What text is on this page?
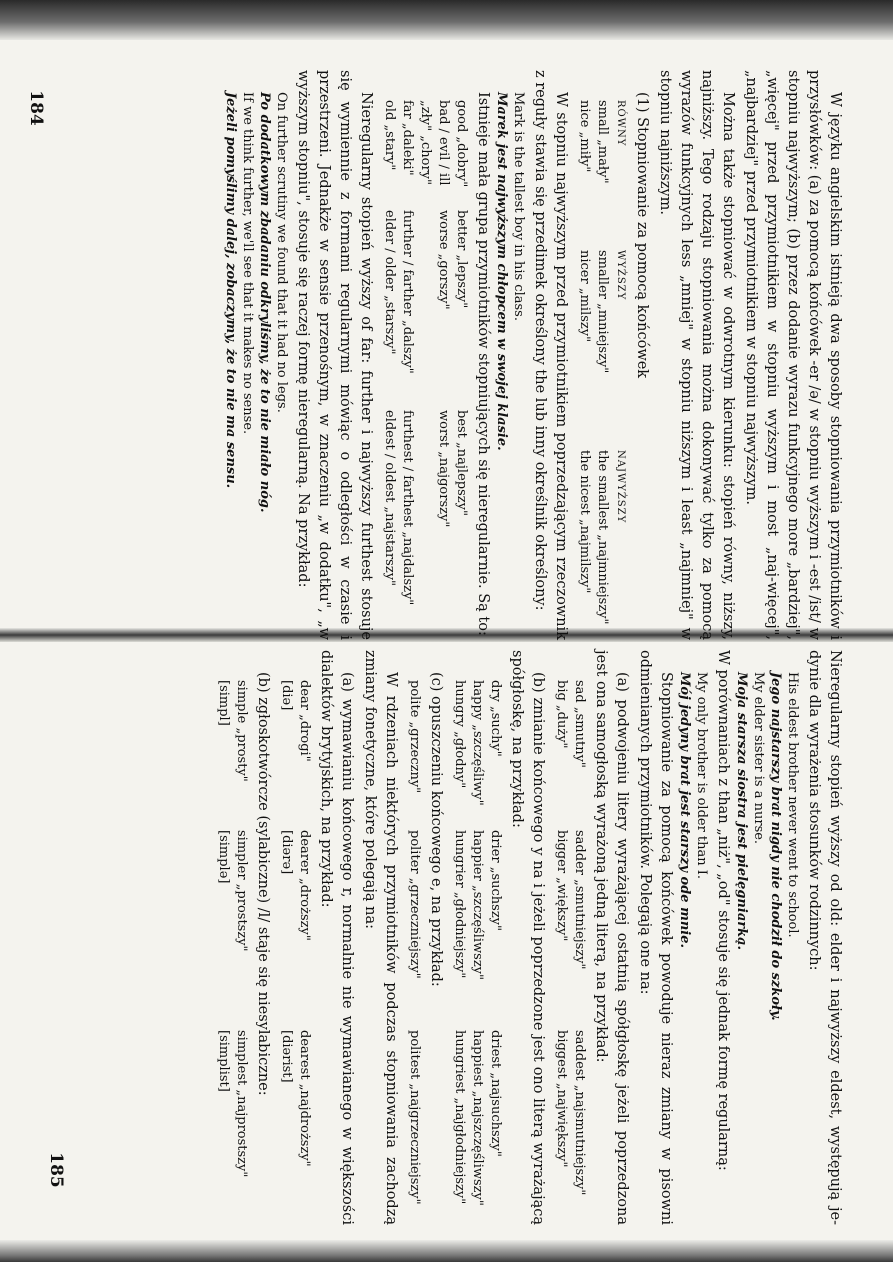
184
185

W języku angielskim istnieją dwa sposoby stopniowania przymiotników i przysłówków: (a) za pomocą końcówek -er /ǝ/ w stopniu wyższym i -est /ist/ w stopniu najwyższym; (b) przez dodanie wyrazu funkcyjnego more „bardziej", „więcej" przed przymiotnikiem w stopniu wyższym i most „naj-więcej", „najbardziej" przed przymiotnikiem w stopniu najwyższym.

Można także stopniować w odwrotnym kierunku: stopień równy, niższy, najniższy. Tego rodzaju stopniowania można dokonywać tylko za pomocą wyrazów funkcyjnych less „mniej" w stopniu niższym i least „najmniej" w stopniu najniższym.

(1) Stopniowanie za pomocą końcówek

RÓWNY
WYŻSZY
NAJWYŻSZY
small „mały"
smaller „mniejszy"
the smallest „najmniejszy"
nice „miły"
nicer „milszy"
the nicest „najmilszy"

W stopniu najwyższym przed przymiotnikiem poprzedzającym rzeczownik z reguły stawia się przedimek określony the lub inny określnik określony:

Mark is the tallest boy in his class.
Marek jest najwyższym chłopcem w swojej klasie.

Istnieje mała grupa przymiotników stopniujących się nieregularnie. Są to:

good „dobry"
better „lepszy"
best „najlepszy"
bad / evil / ill „zły" „chory"
worse „gorszy"
worst „najgorszy"
far „daleki"
further / farther „dalszy"
furthest / farthest „najdalszy"
old „stary"
elder / older „starszy"
eldest / oldest „najstarszy"

Nieregularny stopień wyższy of far: further i najwyższy furthest stosuje się wymiennie z formami regularnymi mówiąc o odległości w czasie i przestrzeni. Jednakże w sensie przenośnym, w znaczeniu „w dodatku", „w wyższym stopniu", stosuje się raczej formę nieregularną. Na przykład:

On further scrutiny we found that it had no legs.
Po dodatkowym zbadaniu odkryliśmy, że to nie miało nóg.
If we think further, we'll see that it makes no sense.
Jeżeli pomyślimy dalej, zobaczymy, że to nie ma sensu.

Nieregularny stopień wyższy od old: elder i najwyższy eldest, występują je-dynie dla wyrażenia stosunków rodzinnych:

His eldest brother never went to school.
Jego najstarszy brat nigdy nie chodził do szkoły.
My elder sister is a nurse.
Moja starsza siostra jest pielęgniarką.

W porównaniach z than „niż", „od" stosuje się jednak formę regularną:

My only brother is older than I.
Mój jedyny brat jest starszy ode mnie.

Stopniowanie za pomocą końcówek powoduje nieraz zmiany w pisowni odmienianych przymiotników. Polegają one na:

(a) podwojeniu litery wyrażającej ostatnią spółgłoskę jeżeli poprzedzona jest ona samogłoską wyrażoną jedną literą, na przykład:

sad „smutny"
sadder „smutniejszy"
saddest „najsmutniejszy"
big „duży"
bigger „większy"
biggest „największy"

(b) zmianie końcowego y na i jeżeli poprzedzone jest ono literą wyrażającą spółgłoskę, na przykład:

dry „suchy"
drier „suchszy"
driest „najsuchszy"
happy „szczęśliwy"
happier „szczęśliwszy"
happiest „najszczęśliwszy"
hungry „głodny"
hungrier „głodniejszy"
hungriest „najgłodniejszy"

(c) opuszczeniu końcowego e, na przykład:

polite „grzeczny"
politer „grzeczniejszy"
politest „najgrzeczniejszy"

W rdzeniach niektórych przymiotników podczas stopniowania zachodzą zmiany fonetyczne, które polegają na:

(a) wymawianiu końcowego r, normalnie nie wymawianego w większości dialektów brytyjskich, na przykład:

dear „drogi"
dearer „droższy"
dearest „najdroższy"
[diǝ]
[diǝrǝ]
[diǝrist]

(b) zgłoskotwórcze (sylabiczne) /l/ staje się niesylabiczne:

simple „prosty"
simpler „prostszy"
simplest „najprostszy"
[simpl]
[simplǝ]
[simplist]
